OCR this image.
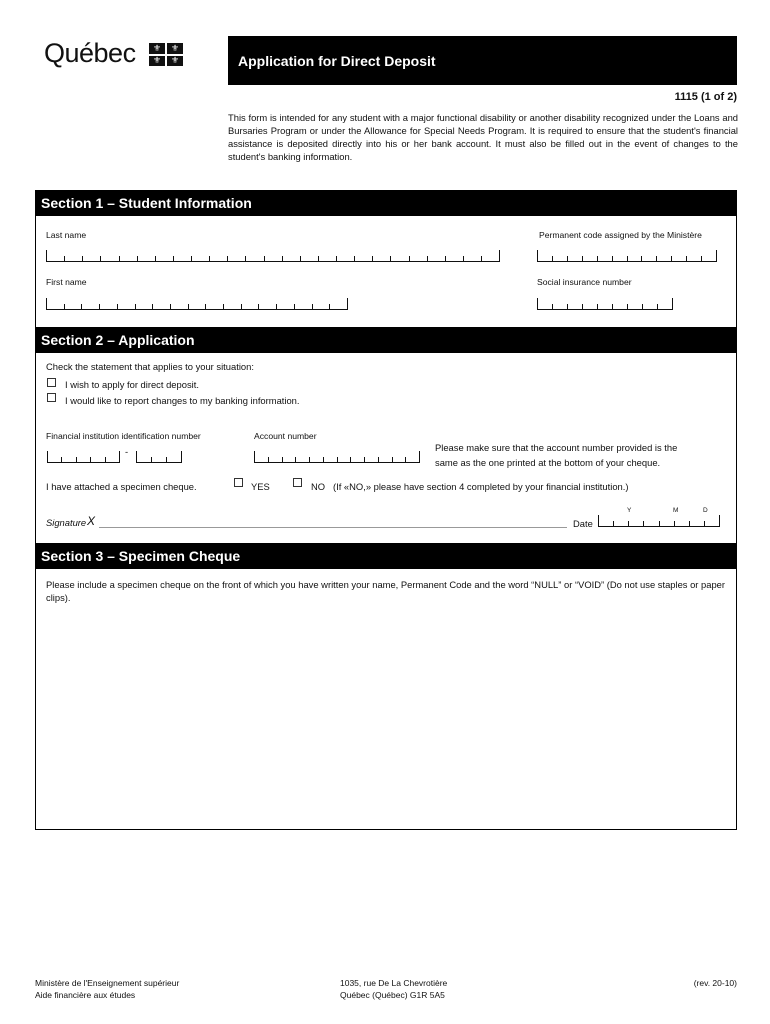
Québec	⚜	⚜
⚜	⚜	Application for Direct Deposit
1115 (1 of 2)
This form is intended for any student with a major functional disability or another disability recognized under the Loans and Bursaries Program or under the Allowance for Special Needs Program. It is required to ensure that the student's financial assistance is deposited directly into his or her bank account. It must also be filled out in the event of changes to the student's banking information.
Section 1 – Student Information
Last name	Permanent code assigned by the Ministère
First name	Social insurance number
Section 2 – Application
Check the statement that applies to your situation:
I wish to apply for direct deposit.
I would like to report changes to my banking information.
Financial institution identification number	Account number
-	Please make sure that the account number provided is the
same as the one printed at the bottom of your cheque.
I have attached a specimen cheque.	YES	NO (If «NO,» please have section 4 completed by your financial institution.)
Signature X	Date
Y	M	D
Section 3 – Specimen Cheque
Please include a specimen cheque on the front of which you have written your name, Permanent Code and the word “NULL” or “VOID” (Do not use staples or paper clips).
Ministère de l'Enseignement supérieur
Aide financière aux études
1035, rue De La Chevrotière
Québec (Québec) G1R 5A5
(rev. 20-10)
